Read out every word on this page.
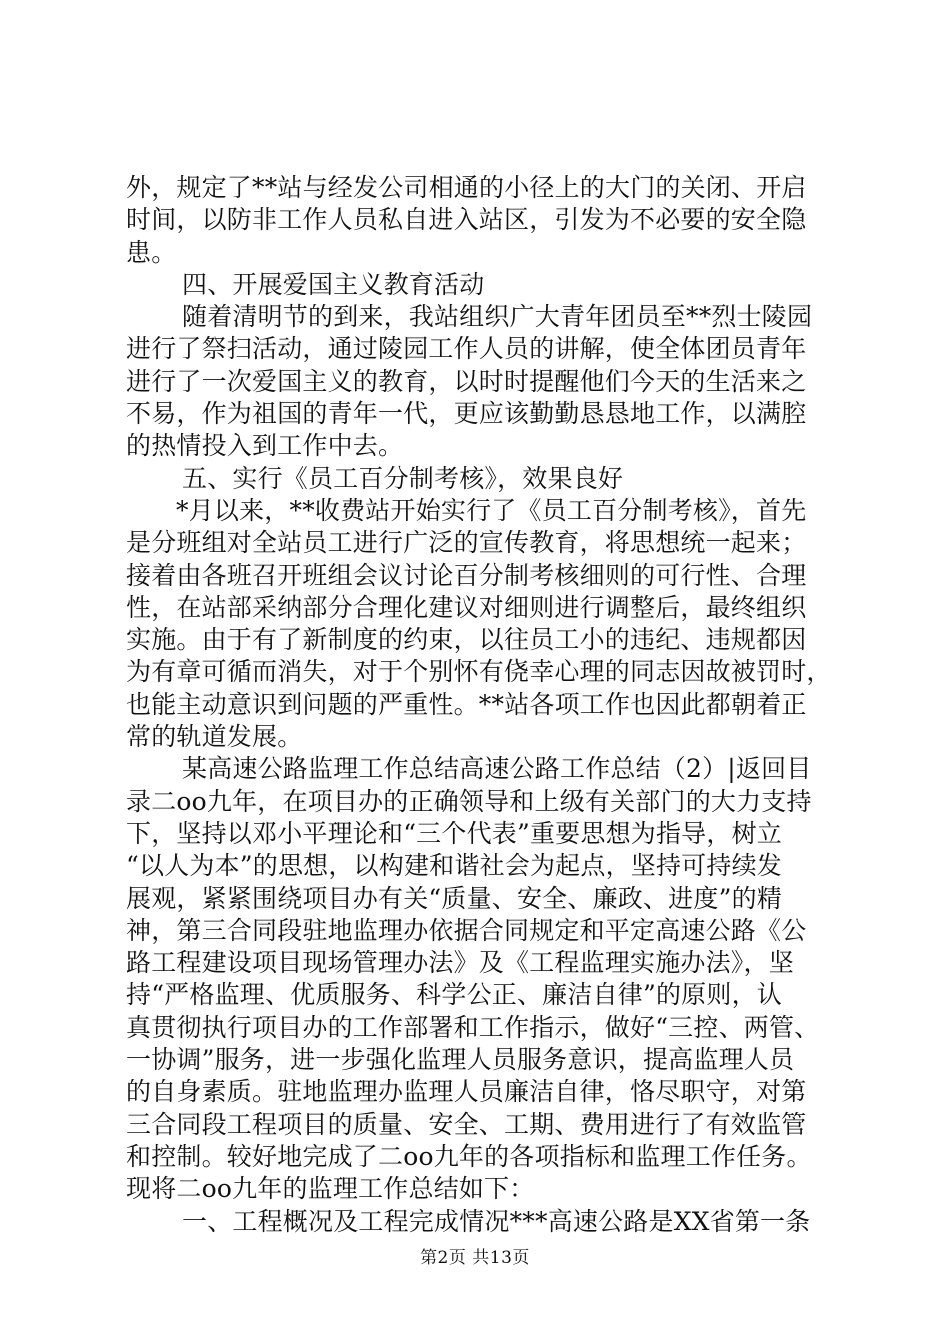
外，规定了**站与经发公司相通的小径上的大门的关闭、开启
时间，以防非工作人员私自进入站区，引发为不必要的安全隐
患。
四、开展爱国主义教育活动
随着清明节的到来，我站组织广大青年团员至**烈士陵园
进行了祭扫活动，通过陵园工作人员的讲解，使全体团员青年
进行了一次爱国主义的教育，以时时提醒他们今天的生活来之
不易，作为祖国的青年一代，更应该勤勤恳恳地工作，以满腔
的热情投入到工作中去。
五、实行《员工百分制考核》，效果良好
*月以来，**收费站开始实行了《员工百分制考核》，首先
是分班组对全站员工进行广泛的宣传教育，将思想统一起来；
接着由各班召开班组会议讨论百分制考核细则的可行性、合理
性，在站部采纳部分合理化建议对细则进行调整后，最终组织
实施。由于有了新制度的约束，以往员工小的违纪、违规都因
为有章可循而消失，对于个别怀有侥幸心理的同志因故被罚时，
也能主动意识到问题的严重性。**站各项工作也因此都朝着正
常的轨道发展。
某高速公路监理工作总结高速公路工作总结（2）|返回目
录二oo九年，在项目办的正确领导和上级有关部门的大力支持
下，坚持以邓小平理论和“三个代表”重要思想为指导，树立
“以人为本”的思想，以构建和谐社会为起点，坚持可持续发
展观，紧紧围绕项目办有关“质量、安全、廉政、进度”的精
神，第三合同段驻地监理办依据合同规定和平定高速公路《公
路工程建设项目现场管理办法》及《工程监理实施办法》，坚
持“严格监理、优质服务、科学公正、廉洁自律”的原则，认
真贯彻执行项目办的工作部署和工作指示，做好“三控、两管、
一协调”服务，进一步强化监理人员服务意识，提高监理人员
的自身素质。驻地监理办监理人员廉洁自律，恪尽职守，对第
三合同段工程项目的质量、安全、工期、费用进行了有效监管
和控制。较好地完成了二oo九年的各项指标和监理工作任务。
现将二oo九年的监理工作总结如下：
一、工程概况及工程完成情况***高速公路是XX省第一条
第2页 共13页
